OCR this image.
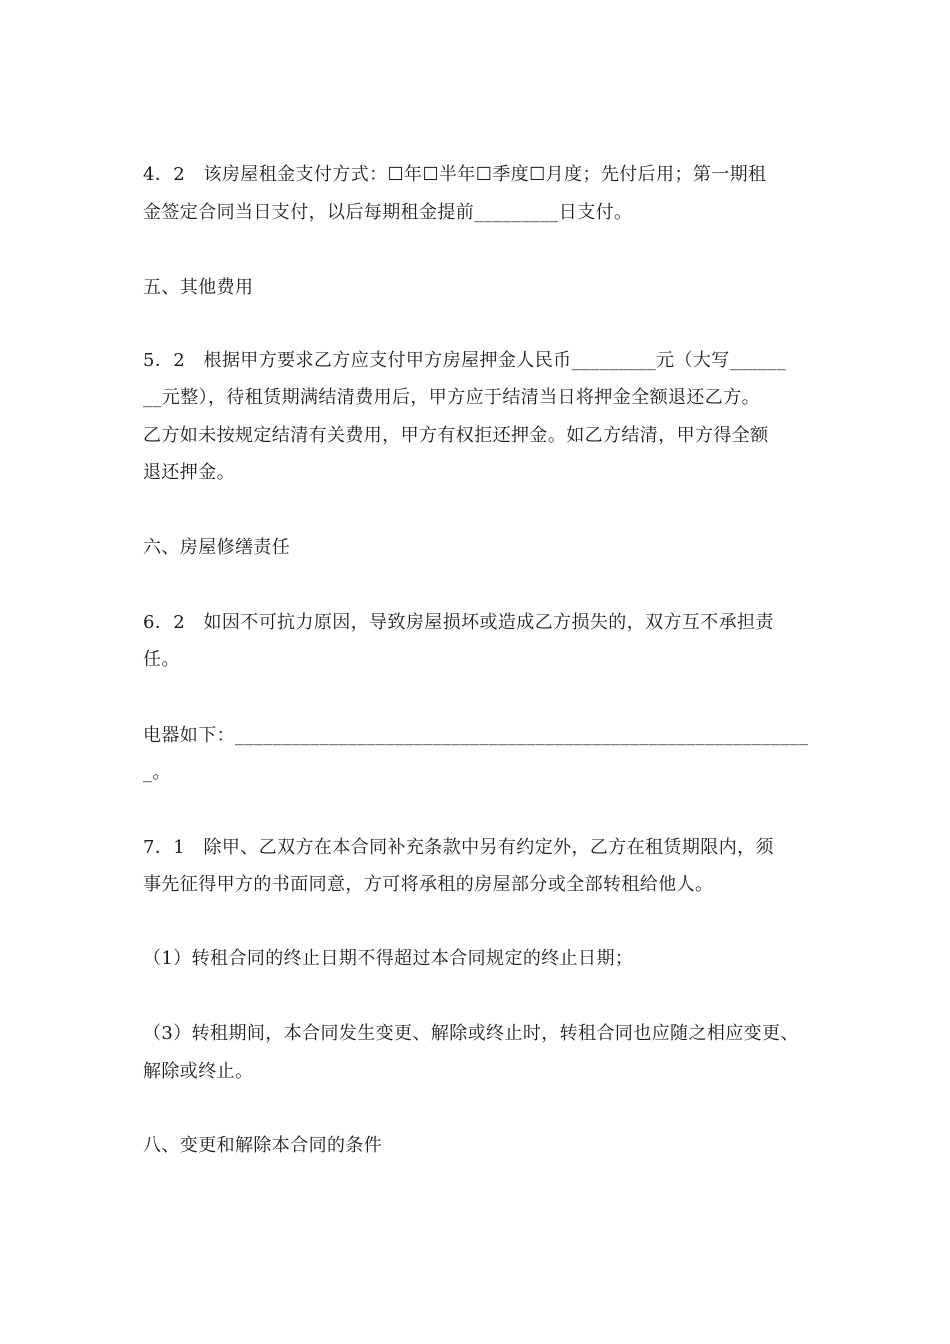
4．2　该房屋租金支付方式：☐年☐半年☐季度☐月度；先付后用；第一期租
金签定合同当日支付，以后每期租金提前_________日支付。
五、其他费用
5．2　根据甲方要求乙方应支付甲方房屋押金人民币_________元（大写______
__元整），待租赁期满结清费用后，甲方应于结清当日将押金全额退还乙方。
乙方如未按规定结清有关费用，甲方有权拒还押金。如乙方结清，甲方得全额
退还押金。
六、房屋修缮责任
6．2　如因不可抗力原因，导致房屋损坏或造成乙方损失的，双方互不承担责
任。
电器如下：_____________________________________________________________
_。
7．1　除甲、乙双方在本合同补充条款中另有约定外，乙方在租赁期限内，须
事先征得甲方的书面同意，方可将承租的房屋部分或全部转租给他人。
（1）转租合同的终止日期不得超过本合同规定的终止日期；
（3）转租期间，本合同发生变更、解除或终止时，转租合同也应随之相应变更、
解除或终止。
八、变更和解除本合同的条件
